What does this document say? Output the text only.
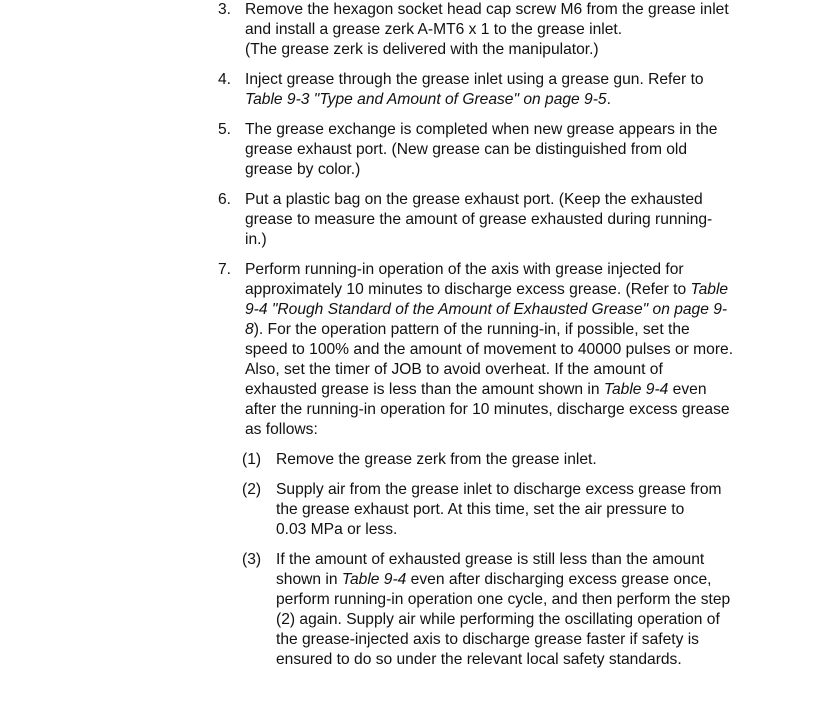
3. Remove the hexagon socket head cap screw M6 from the grease inlet
and install a grease zerk A-MT6 x 1 to the grease inlet.
(The grease zerk is delivered with the manipulator.)
4. Inject grease through the grease inlet using a grease gun. Refer to
Table 9-3 "Type and Amount of Grease" on page 9-5.
5. The grease exchange is completed when new grease appears in the
grease exhaust port. (New grease can be distinguished from old
grease by color.)
6. Put a plastic bag on the grease exhaust port. (Keep the exhausted
grease to measure the amount of grease exhausted during running-
in.)
7. Perform running-in operation of the axis with grease injected for
approximately 10 minutes to discharge excess grease. (Refer to Table
9-4 "Rough Standard of the Amount of Exhausted Grease" on page 9-
8). For the operation pattern of the running-in, if possible, set the
speed to 100% and the amount of movement to 40000 pulses or more.
Also, set the timer of JOB to avoid overheat. If the amount of
exhausted grease is less than the amount shown in Table 9-4 even
after the running-in operation for 10 minutes, discharge excess grease
as follows:
(1) Remove the grease zerk from the grease inlet.
(2) Supply air from the grease inlet to discharge excess grease from
the grease exhaust port. At this time, set the air pressure to
0.03 MPa or less.
(3) If the amount of exhausted grease is still less than the amount
shown in Table 9-4 even after discharging excess grease once,
perform running-in operation one cycle, and then perform the step
(2) again. Supply air while performing the oscillating operation of
the grease-injected axis to discharge grease faster if safety is
ensured to do so under the relevant local safety standards.
